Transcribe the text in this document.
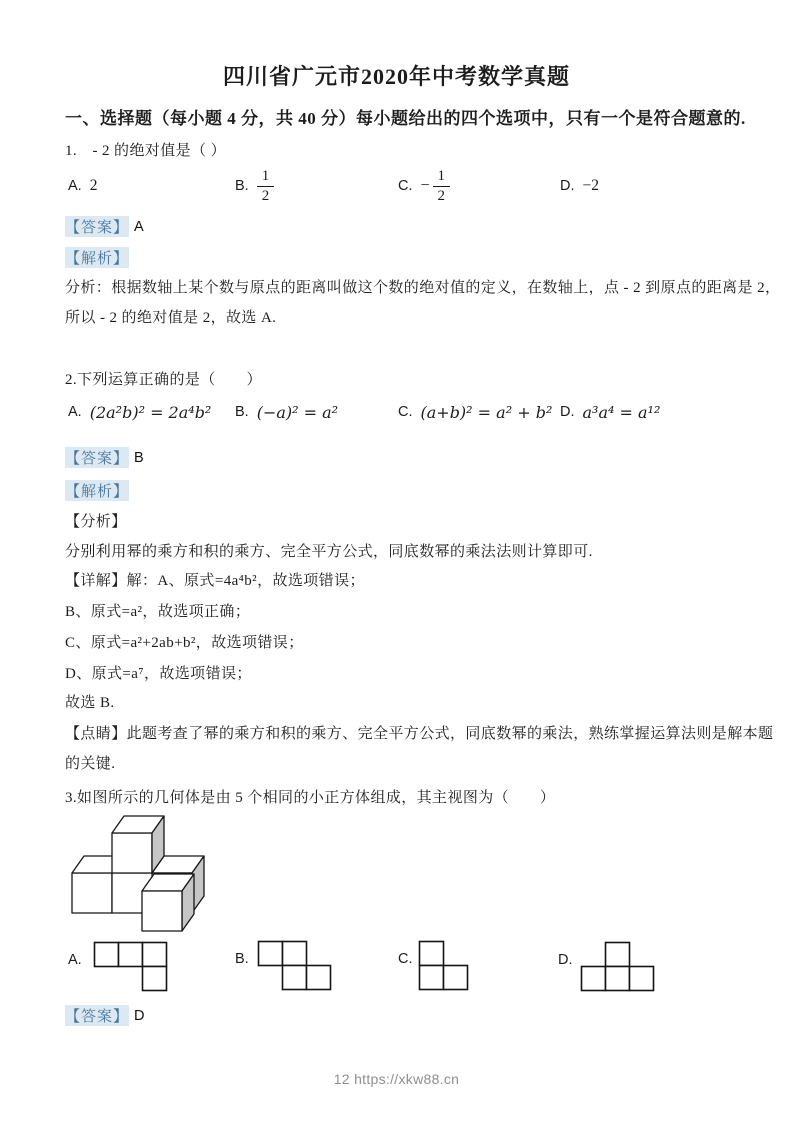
四川省广元市2020年中考数学真题
一、选择题（每小题 4 分，共 40 分）每小题给出的四个选项中，只有一个是符合题意的.
1.　- 2 的绝对值是（ ）
A. 2	B. $\frac{1}{2}$	C. − $\frac{1}{2}$	D. −2
【答案】 A
【解析】
分析：根据数轴上某个数与原点的距离叫做这个数的绝对值的定义，在数轴上，点 - 2 到原点的距离是 2，
所以 - 2 的绝对值是 2，故选 A.
2.下列运算正确的是（　　）
A. (2a²b)² = 2a⁴b² B. (−a)² = a²	C. (a+b)² = a² + b² D. a³a⁴ = a¹²
【答案】 B
【解析】
【分析】
分别利用幂的乘方和积的乘方、完全平方公式，同底数幂的乘法法则计算即可.
【详解】解：A、原式=4a⁴b²，故选项错误；
B、原式=a²，故选项正确；
C、原式=a²+2ab+b²，故选项错误；
D、原式=a⁷，故选项错误；
故选 B.
【点睛】此题考查了幂的乘方和积的乘方、完全平方公式，同底数幂的乘法，熟练掌握运算法则是解本题
的关键.
3.如图所示的几何体是由 5 个相同的小正方体组成，其主视图为（　　）
A.	B.	C.	D.
【答案】 D
12 https://xkw88.cn
